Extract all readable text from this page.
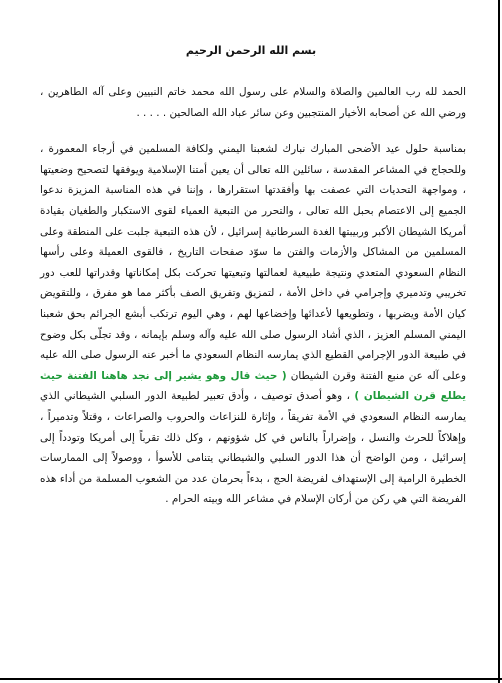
بسم الله الرحمن الرحيم

الحمد لله رب العالمين والصلاة والسلام على رسول الله محمد خاتم النبيين وعلى آله الطاهرين ، ورضي الله عن أصحابه الأخيار المنتجبين وعن سائر عباد الله الصالحين . . . . .

بمناسبة حلول عيد الأضحى المبارك نبارك لشعبنا اليمني ولكافة المسلمين في أرجاء المعمورة ، وللحجاج في المشاعر المقدسة ، سائلين الله تعالى أن يعين أمتنا الإسلامية ويوفقها لتصحيح وضعيتها ، ومواجهة التحديات التي عصفت بها وأفقدتها استقرارها ، وإننا في هذه المناسبة المزيزة ندعوا الجميع إلى الاعتصام بحبل الله تعالى ، والتحرر من التبعية العمياء لقوى الاستكبار والطغيان بقيادة أمريكا الشيطان الأكبر وربيبتها الغدة السرطانية إسرائيل ، لأن هذه التبعية جلبت على المنطقة وعلى المسلمين من المشاكل والأزمات والفتن ما سوّد صفحات التاريخ ، فالقوى العميلة وعلى رأسها النظام السعودي المتعدي ونتيجة طبيعية لعمالتها وتبعيتها تحركت بكل إمكاناتها وقدراتها للعب دور تخريبي وتدميري وإجرامي في داخل الأمة ، لتمزيق وتفريق الصف بأكثر مما هو مفرق ، وللتقويض كيان الأمة ويضربها ، وتطويعها لأعدائها وإخضاعها لهم ، وهي اليوم ترتكب أبشع الجرائم بحق شعبنا اليمني المسلم العزيز ، الذي أشاد الرسول صلى الله عليه وآله وسلم بإيمانه ، وقد تجلّى بكل وضوح في طبيعة الدور الإجرامي القطيع الذي يمارسه النظام السعودي ما أخبر عنه الرسول صلى الله عليه وعلى آله عن منبع الفتنة وقرن الشيطان ( حيث قال وهو يشير إلى نجد هاهنا الفتنة حيث يطلع قرن الشيطان ) ، وهو أصدق توصيف ، وأدق تعبير لطبيعة الدور السلبي الشيطاني الذي يمارسه النظام السعودي في الأمة تفريقاً ، وإثارة للنزاعات والحروب والصراعات ، وقتلاً وتدميراً ، وإهلاكاً للحرث والنسل ، وإضراراً بالناس في كل شؤونهم ، وكل ذلك تقرباً إلى أمريكا وتودداً إلى إسرائيل ، ومن الواضح أن هذا الدور السلبي والشيطاني يتنامى للأسوأ ، ووصولاً إلى الممارسات الخطيرة الرامية إلى الإستهداف لفريضة الحج ، بدءاً بحرمان عدد من الشعوب المسلمة من أداء هذه الفريضة التي هي ركن من أركان الإسلام في مشاعر الله وبيته الحرام .
